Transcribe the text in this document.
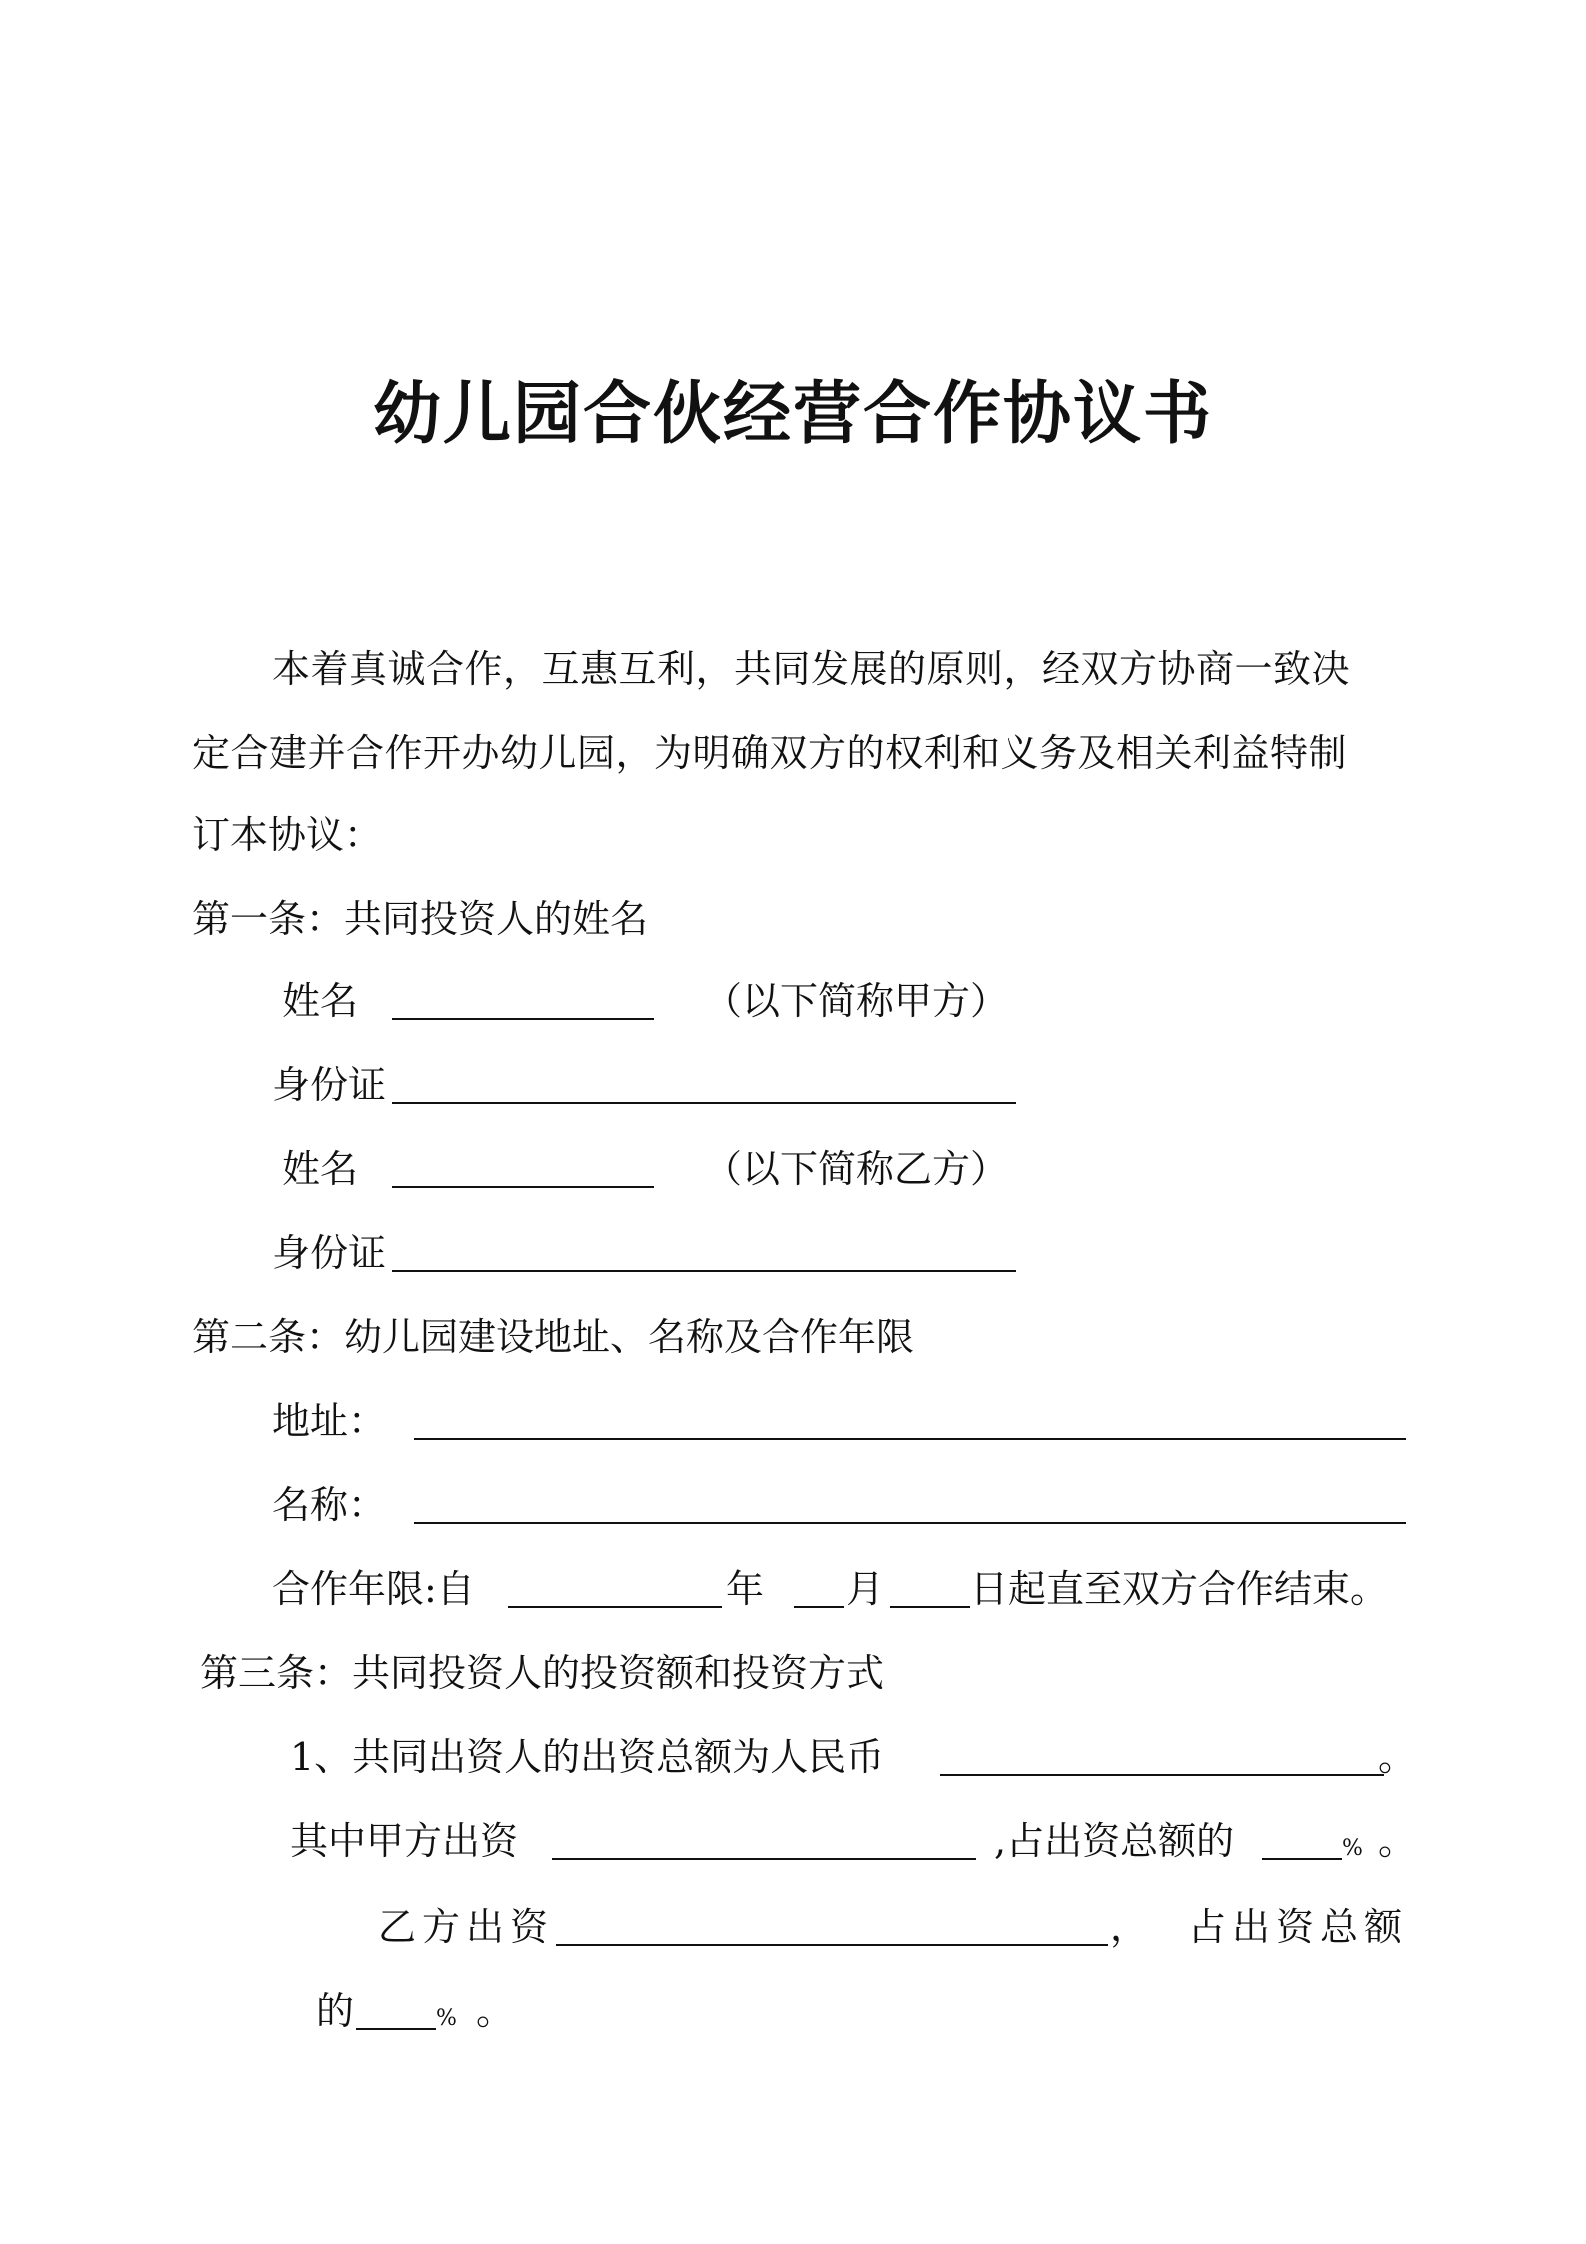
幼儿园合伙经营合作协议书
本着真诚合作，互惠互利，共同发展的原则，经双方协商一致决
定合建并合作开办幼儿园，为明确双方的权利和义务及相关利益特制
订本协议：
第一条：共同投资人的姓名
姓名	（以下简称甲方）
身份证
姓名	（以下简称乙方）
身份证
第二条：幼儿园建设地址、名称及合作年限
地址：
名称：
合作年限:自	年 月 日起直至双方合作结束。
第三条：共同投资人的投资额和投资方式
1、共同出资人的出资总额为人民币	。
其中甲方出资	,占出资总额的	% 。
乙方出资	， 占出资总额
的	% 。
